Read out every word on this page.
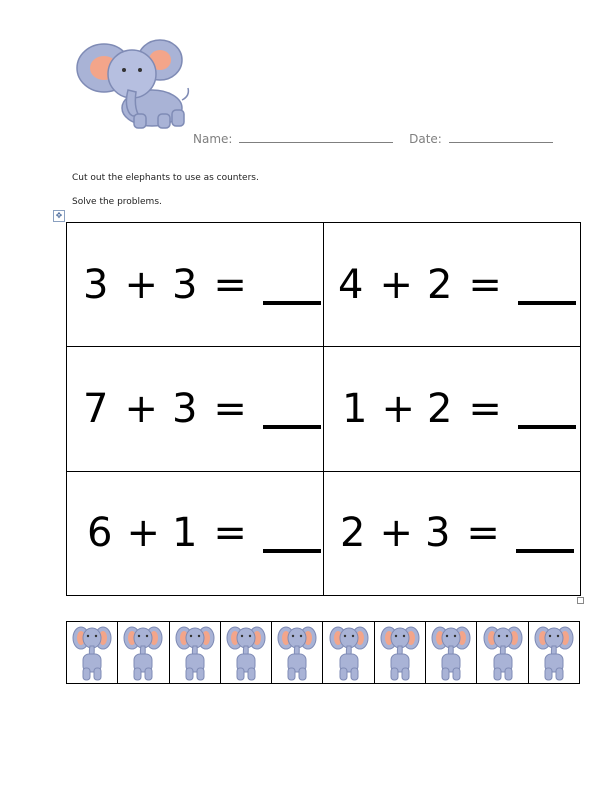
Name:	Date:
Cut out the elephants to use as counters.
Solve the problems.
✥
3 + 3 =	4 + 2 =

7 + 3 =	1 + 2 =

6 + 1 =	2 + 3 =
